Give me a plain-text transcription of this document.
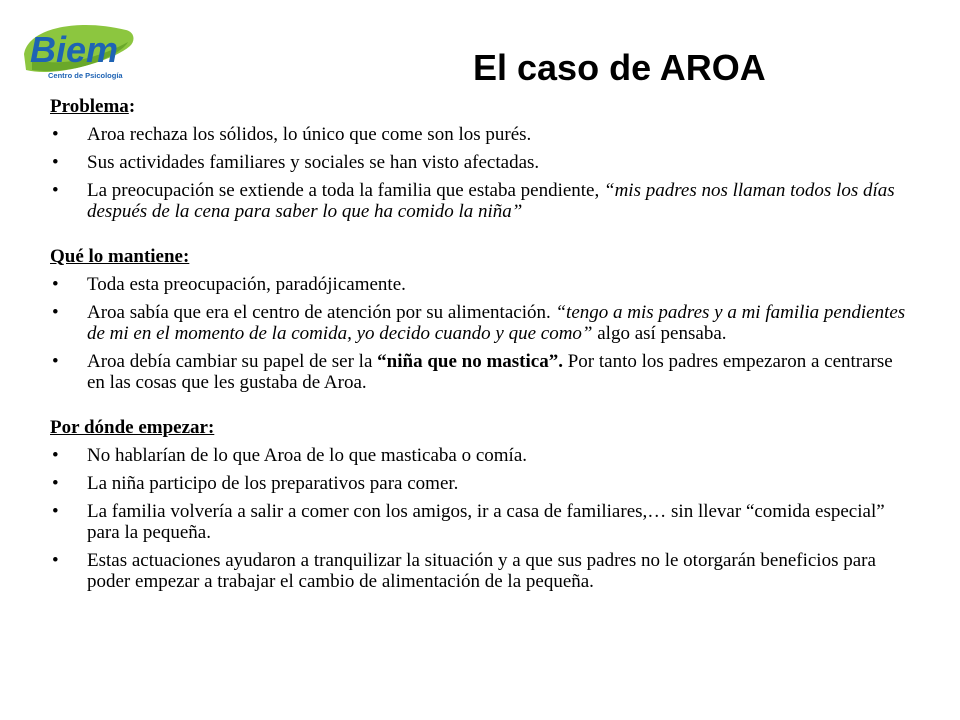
Biem
Centro de Psicología	El caso de AROA
Problema:
• Aroa rechaza los sólidos, lo único que come son los purés.
• Sus actividades familiares y sociales se han visto afectadas.
• La preocupación se extiende a toda la familia que estaba pendiente, “mis padres nos llaman todos los días después de la cena para saber lo que ha comido la niña”
Qué lo mantiene:
• Toda esta preocupación, paradójicamente.
• Aroa sabía que era el centro de atención por su alimentación. “tengo a mis padres y a mi familia pendientes de mi en el momento de la comida, yo decido cuando y que como” algo así pensaba.
• Aroa debía cambiar su papel de ser la “niña que no mastica”. Por tanto los padres empezaron a centrarse en las cosas que les gustaba de Aroa.
Por dónde empezar:
• No hablarían de lo que Aroa de lo que masticaba o comía.
• La niña participo de los preparativos para comer.
• La familia volvería a salir a comer con los amigos, ir a casa de familiares,… sin llevar “comida especial” para la pequeña.
• Estas actuaciones ayudaron a tranquilizar la situación y a que sus padres no le otorgarán beneficios para poder empezar a trabajar el cambio de alimentación de la pequeña.
